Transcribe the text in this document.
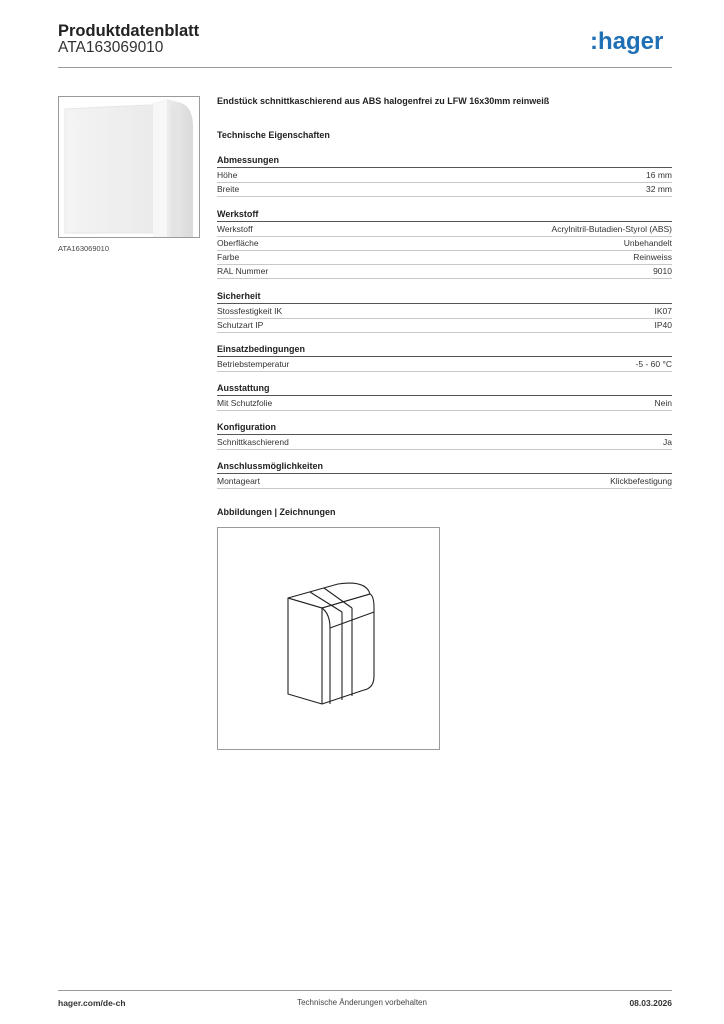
Produktdatenblatt
ATA163069010	:hager
ATA163069010
Endstück schnittkaschierend aus ABS halogenfrei zu LFW 16x30mm reinweiß
Technische Eigenschaften
Abmessungen
Höhe	16 mm
Breite	32 mm
Werkstoff
Werkstoff	Acrylnitril-Butadien-Styrol (ABS)
Oberfläche	Unbehandelt
Farbe	Reinweiss
RAL Nummer	9010
Sicherheit
Stossfestigkeit IK	IK07
Schutzart IP	IP40
Einsatzbedingungen
Betriebstemperatur	-5 - 60 °C
Ausstattung
Mit Schutzfolie	Nein
Konfiguration
Schnittkaschierend	Ja
Anschlussmöglichkeiten
Montageart	Klickbefestigung
Abbildungen | Zeichnungen
hager.com/de-ch	Technische Änderungen vorbehalten	08.03.2026
